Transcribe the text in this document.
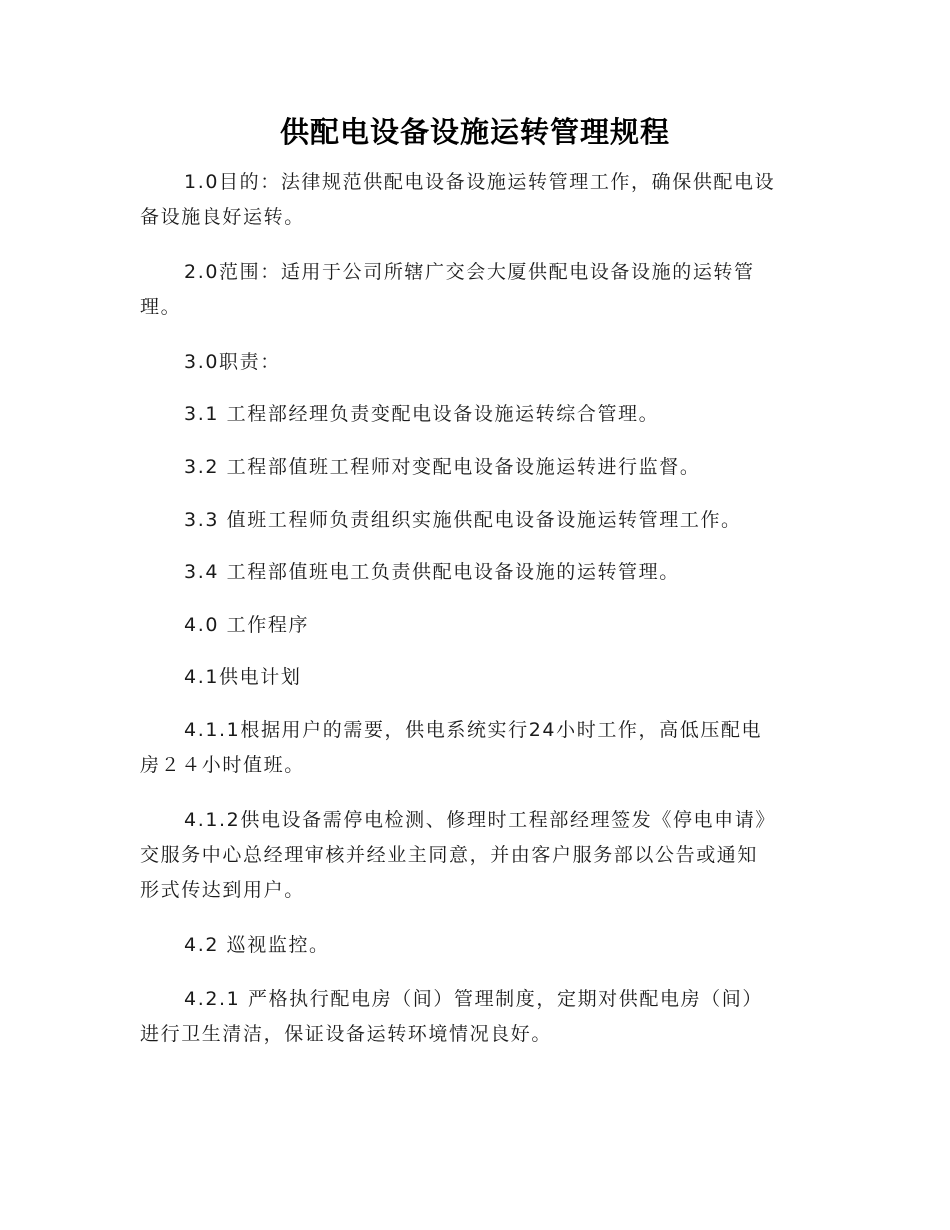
供配电设备设施运转管理规程
1.0目的：法律规范供配电设备设施运转管理工作，确保供配电设
备设施良好运转。
2.0范围：适用于公司所辖广交会大厦供配电设备设施的运转管
理。
3.0职责：
3.1 工程部经理负责变配电设备设施运转综合管理。
3.2 工程部值班工程师对变配电设备设施运转进行监督。
3.3 值班工程师负责组织实施供配电设备设施运转管理工作。
3.4 工程部值班电工负责供配电设备设施的运转管理。
4.0 工作程序
4.1供电计划
4.1.1根据用户的需要，供电系统实行24小时工作，高低压配电
房２４小时值班。
4.1.2供电设备需停电检测、修理时工程部经理签发《停电申请》
交服务中心总经理审核并经业主同意，并由客户服务部以公告或通知
形式传达到用户。
4.2 巡视监控。
4.2.1 严格执行配电房（间）管理制度，定期对供配电房（间）
进行卫生清洁，保证设备运转环境情况良好。
